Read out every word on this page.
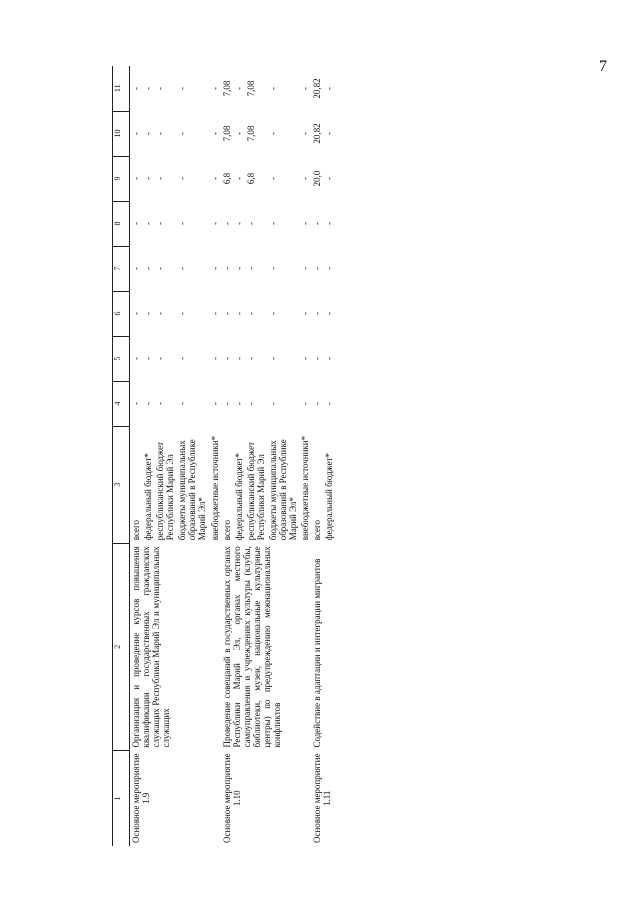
7
1	2	3	4	5	6	7	8	9	10	11
Основное мероприятие 1.9	Организация и проведение курсов повышения квалификации государственных гражданских служащих Республики Марий Эл и муниципальных служащих	всего	-	-	-	-	-	-	-	-
		федеральный бюджет*	-	-	-	-	-	-	-	-
		республиканский бюджет Республики Марий Эл	-	-	-	-	-	-	-	-
		бюджеты муниципальных образований в Республике Марий Эл*	-	-	-	-	-	-	-	-
		внебюджетные источники*	-	-	-	-	-	-	-	-
Основное мероприятие 1.10	Проведение совещаний в государственных органах Республики Марий Эл, органах местного самоуправления и учреждениях культуры (клубы, библиотеки, музеи, национальные культурные центры) по предупреждению межнациональных конфликтов	всего	-	-	-	-	-	6,8	7,08	7,08
		федеральный бюджет*	-	-	-	-	-	-	-	-
		республиканский бюджет Республики Марий Эл	-	-	-	-	-	6,8	7,08	7,08
		бюджеты муниципальных образований в Республике Марий Эл*	-	-	-	-	-	-	-	-
		внебюджетные источники*	-	-	-	-	-	-	-	-
Основное мероприятие 1.11	Содействие в адаптации и интеграции мигрантов	всего	-	-	-	-	-	20,0	20,82	20,82
		федеральный бюджет*	-	-	-	-	-	-	-	-
